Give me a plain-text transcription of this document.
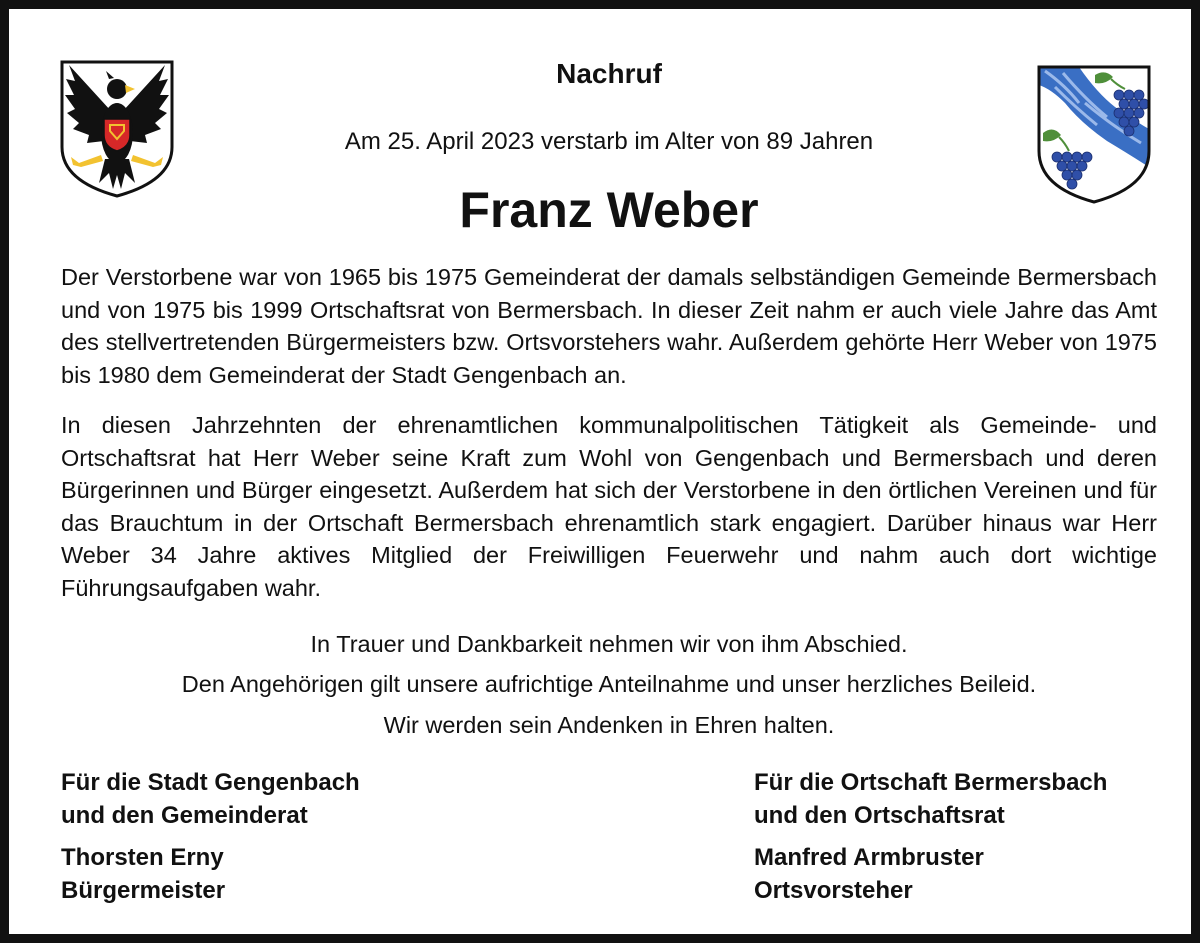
Nachruf

Am 25. April 2023 verstarb im Alter von 89 Jahren

Franz Weber

Der Verstorbene war von 1965 bis 1975 Gemeinderat der damals selbständigen Gemeinde Bermersbach und von 1975 bis 1999 Ortschaftsrat von Bermersbach. In dieser Zeit nahm er auch viele Jahre das Amt des stellvertretenden Bürgermeisters bzw. Ortsvorstehers wahr. Außerdem gehörte Herr Weber von 1975 bis 1980 dem Gemeinderat der Stadt Gengenbach an.

In diesen Jahrzehnten der ehrenamtlichen kommunalpolitischen Tätigkeit als Gemeinde- und Ortschaftsrat hat Herr Weber seine Kraft zum Wohl von Gengenbach und Bermersbach und deren Bürgerinnen und Bürger eingesetzt. Außerdem hat sich der Verstorbene in den örtlichen Vereinen und für das Brauchtum in der Ortschaft Bermersbach ehrenamtlich stark engagiert. Darüber hinaus war Herr Weber 34 Jahre aktives Mitglied der Freiwilligen Feuerwehr und nahm auch dort wichtige Führungsaufgaben wahr.

In Trauer und Dankbarkeit nehmen wir von ihm Abschied.

Den Angehörigen gilt unsere aufrichtige Anteilnahme und unser herzliches Beileid.

Wir werden sein Andenken in Ehren halten.

Für die Stadt Gengenbach
und den Gemeinderat
Thorsten Erny
Bürgermeister
Für die Ortschaft Bermersbach
und den Ortschaftsrat
Manfred Armbruster
Ortsvorsteher
